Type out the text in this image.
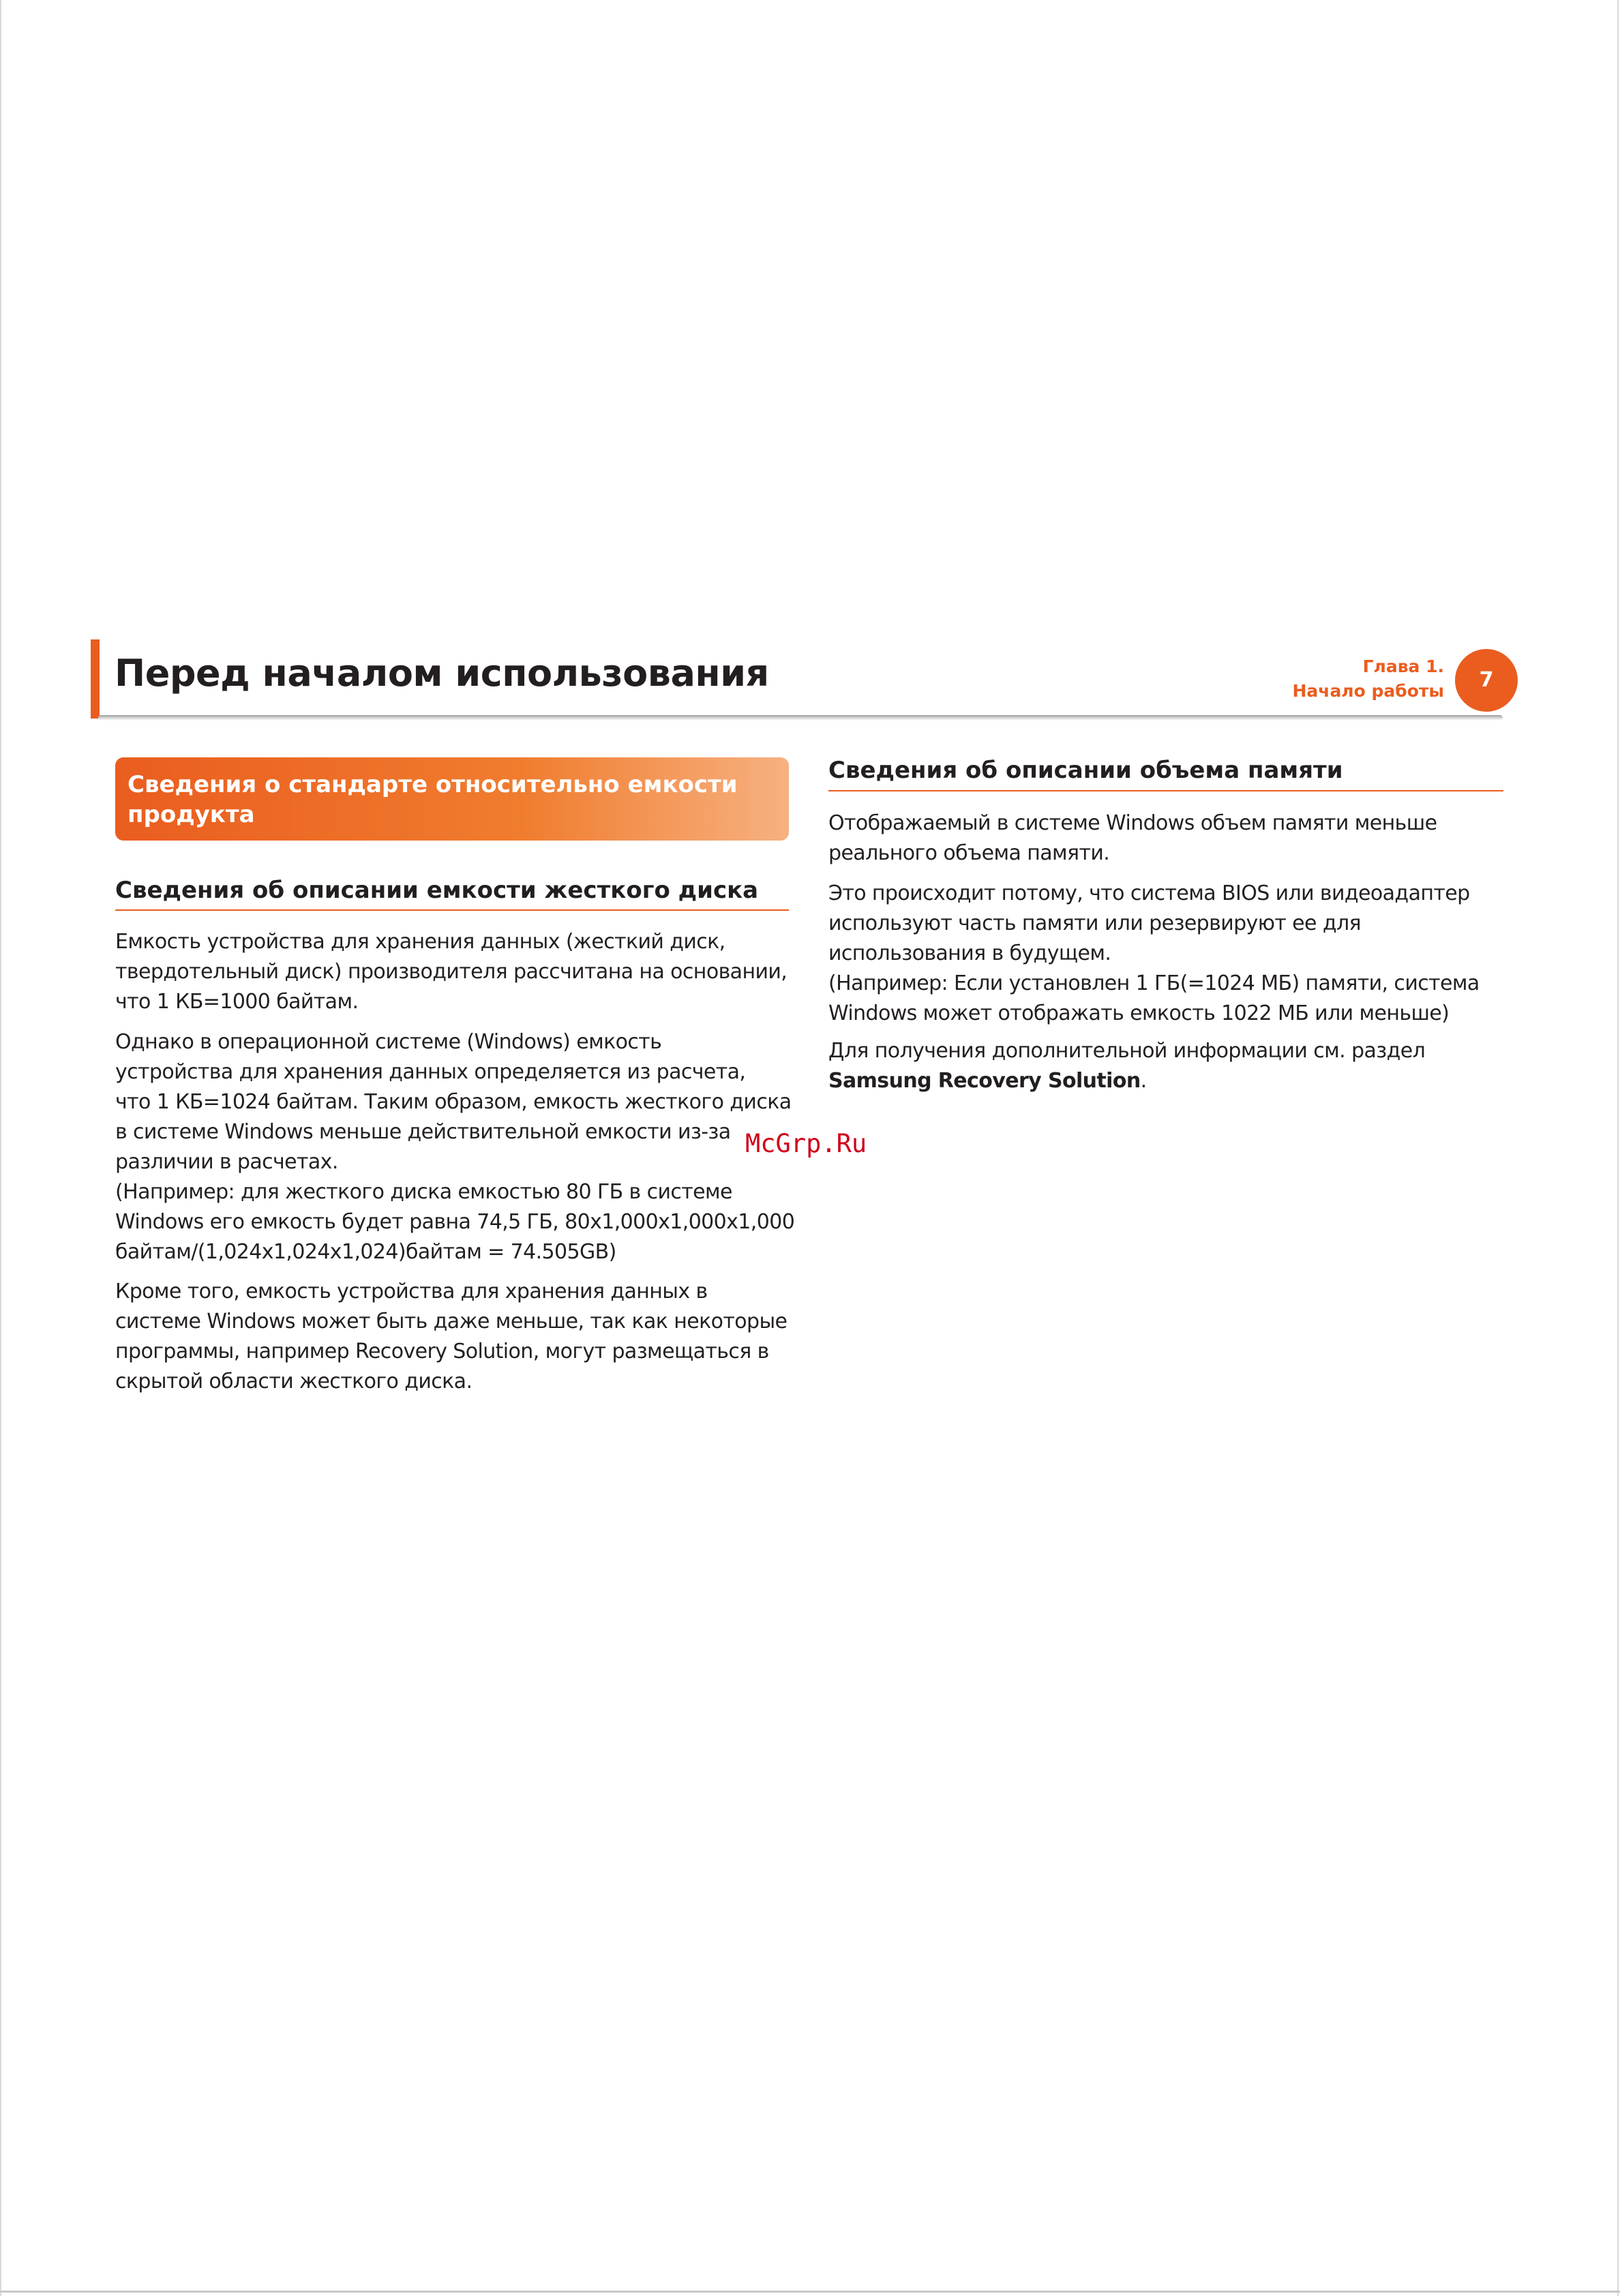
Перед началом использования	Глава 1.
Начало работы	7
Сведения о стандарте относительно емкости
продукта
Сведения об описании емкости жесткого диска
Емкость устройства для хранения данных (жесткий диск,
твердотельный диск) производителя рассчитана на основании,
что 1 КБ=1000 байтам.
Однако в операционной системе (Windows) емкость
устройства для хранения данных определяется из расчета,
что 1 КБ=1024 байтам. Таким образом, емкость жесткого диска
в системе Windows меньше действительной емкости из-за
различии в расчетах.
(Например: для жесткого диска емкостью 80 ГБ в системе
Windows его емкость будет равна 74,5 ГБ, 80x1,000x1,000x1,000
байтам/(1,024x1,024x1,024)байтам = 74.505GB)
Кроме того, емкость устройства для хранения данных в
системе Windows может быть даже меньше, так как некоторые
программы, например Recovery Solution, могут размещаться в
скрытой области жесткого диска.
Сведения об описании объема памяти
Отображаемый в системе Windows объем памяти меньше
реального объема памяти.
Это происходит потому, что система BIOS или видеоадаптер
используют часть памяти или резервируют ее для
использования в будущем.
(Например: Если установлен 1 ГБ(=1024 МБ) памяти, система
Windows может отображать емкость 1022 МБ или меньше)
Для получения дополнительной информации см. раздел
Samsung Recovery Solution.
McGrp.Ru
